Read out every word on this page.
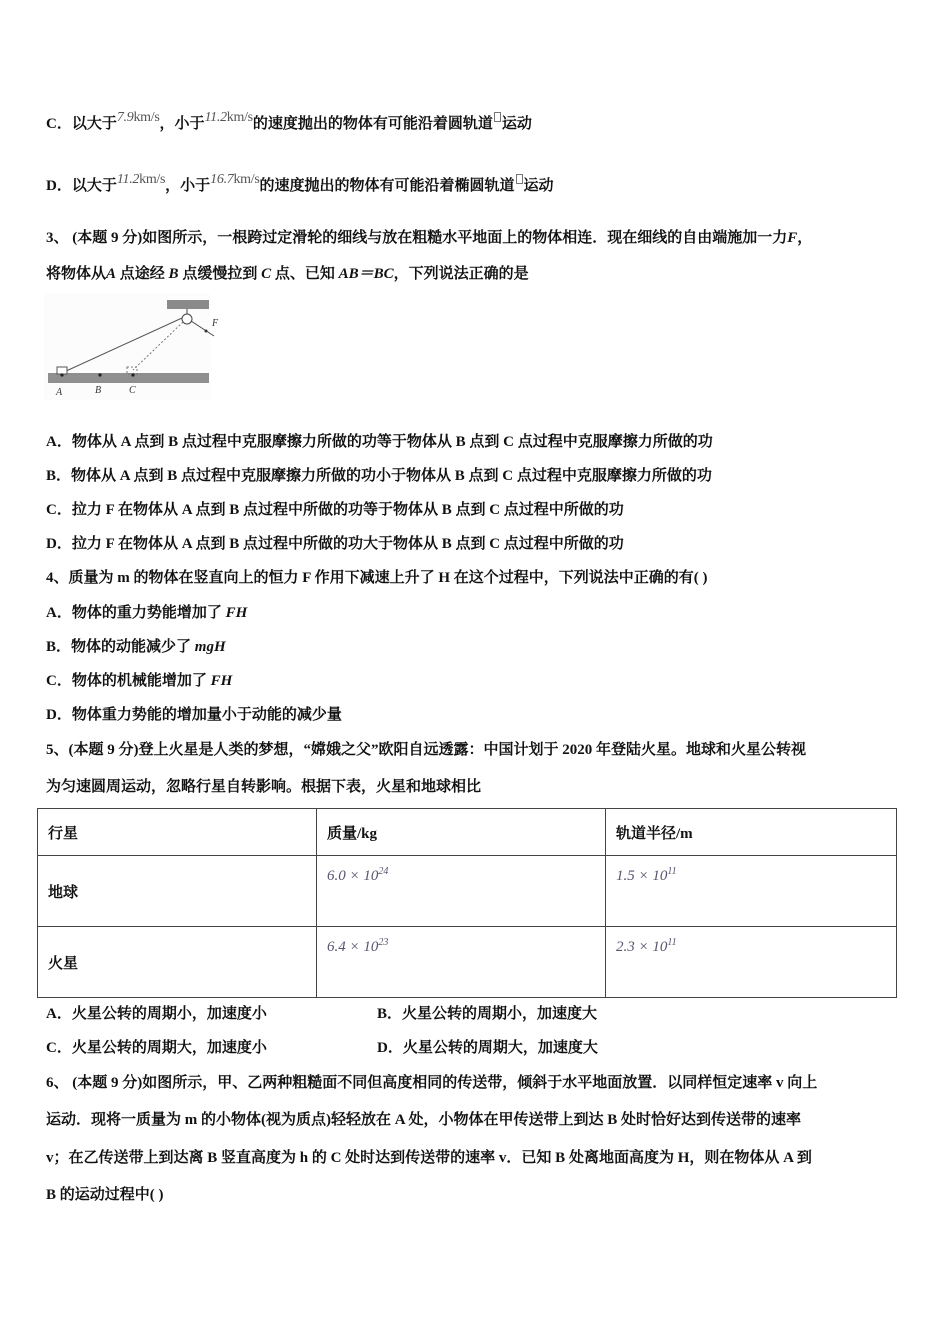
C．以大于7.9km/s，小于11.2km/s的速度抛出的物体有可能沿着圆轨道 运动
D．以大于11.2km/s，小于16.7km/s的速度抛出的物体有可能沿着椭圆轨道 运动
3、 (本题 9 分)如图所示，一根跨过定滑轮的细线与放在粗糙水平地面上的物体相连．现在细线的自由端施加一力F，
将物体从A 点途经 B 点缓慢拉到 C 点、已知 AB＝BC，下列说法正确的是
F
A	B	C
A．物体从 A 点到 B 点过程中克服摩擦力所做的功等于物体从 B 点到 C 点过程中克服摩擦力所做的功
B．物体从 A 点到 B 点过程中克服摩擦力所做的功小于物体从 B 点到 C 点过程中克服摩擦力所做的功
C．拉力 F 在物体从 A 点到 B 点过程中所做的功等于物体从 B 点到 C 点过程中所做的功
D．拉力 F 在物体从 A 点到 B 点过程中所做的功大于物体从 B 点到 C 点过程中所做的功
4、质量为 m 的物体在竖直向上的恒力 F 作用下减速上升了 H 在这个过程中，下列说法中正确的有( )
A．物体的重力势能增加了 FH
B．物体的动能减少了 mgH
C．物体的机械能增加了 FH
D．物体重力势能的增加量小于动能的减少量
5、(本题 9 分)登上火星是人类的梦想，“嫦娥之父”欧阳自远透露：中国计划于 2020 年登陆火星。地球和火星公转视
为匀速圆周运动，忽略行星自转影响。根据下表，火星和地球相比
行星	质量/kg	轨道半径/m
地球	$6.0 \times 10^{24}$	$1.5 \times 10^{11}$
火星	$6.4 \times 10^{23}$	$2.3 \times 10^{11}$
A．火星公转的周期小，加速度小	B．火星公转的周期小，加速度大
C．火星公转的周期大，加速度小	D．火星公转的周期大，加速度大
6、 (本题 9 分)如图所示，甲、乙两种粗糙面不同但高度相同的传送带，倾斜于水平地面放置．以同样恒定速率 v 向上
运动．现将一质量为 m 的小物体(视为质点)轻轻放在 A 处，小物体在甲传送带上到达 B 处时恰好达到传送带的速率
v；在乙传送带上到达离 B 竖直高度为 h 的 C 处时达到传送带的速率 v．已知 B 处离地面高度为 H，则在物体从 A 到
B 的运动过程中( )
